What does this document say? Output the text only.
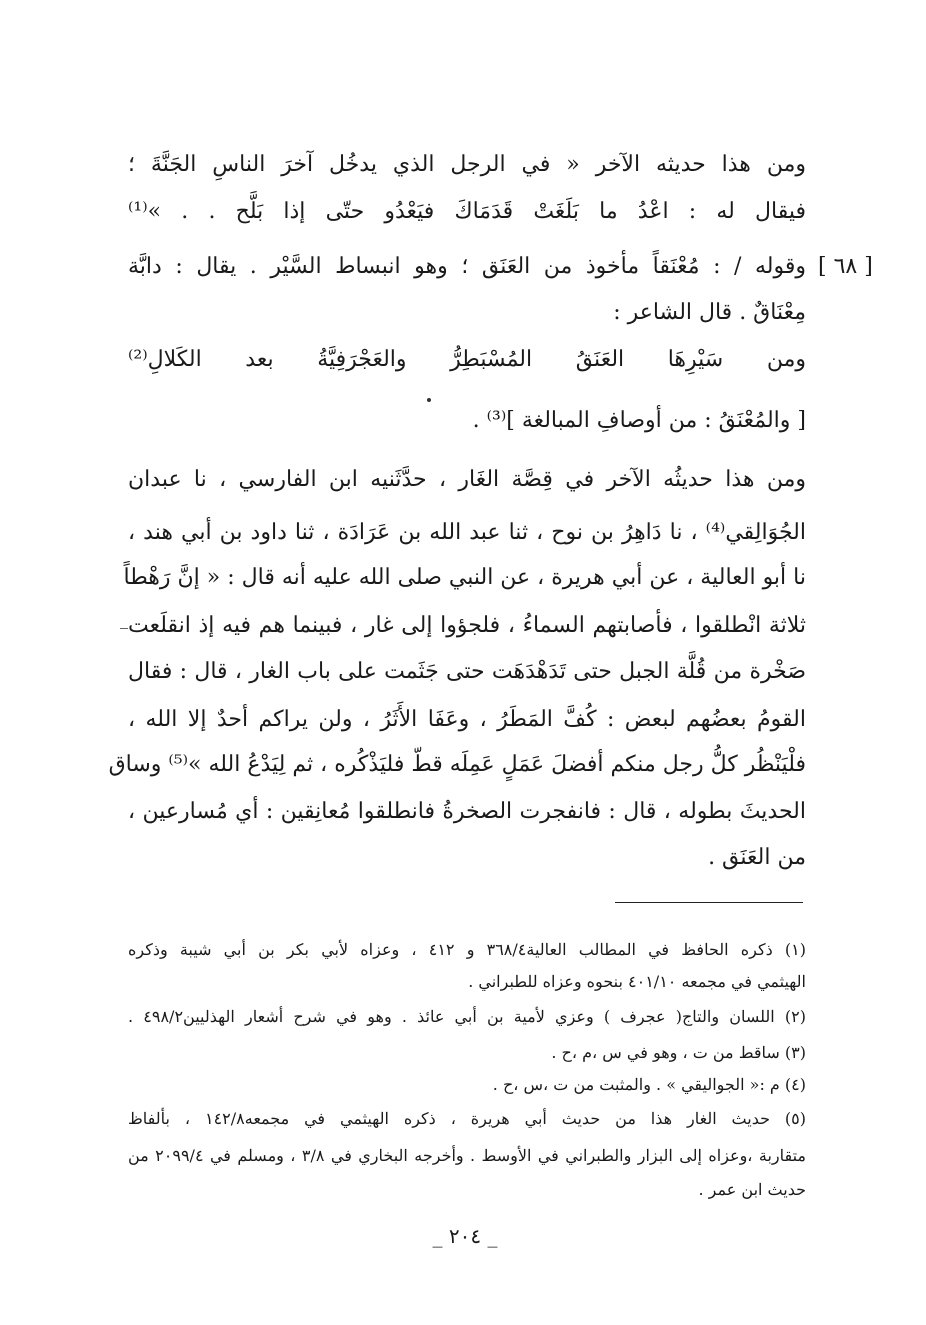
[ ٦٨ ]
ومن هذا حديثه الآخر « في الرجل الذي يدخُل آخرَ الناسِ الجَنَّةَ ؛
فيقال له : اعْدُ ما بَلَغَتْ قَدَمَاكَ فيَعْدُو حتّى إذا بَلَّح . . »⁽¹⁾
وقوله / : مُعْنَقاً مأخوذ من العَنَق ؛ وهو انبساط السَّيْر . يقال : دابَّة
مِعْنَاقٌ . قال الشاعر :
ومن سَيْرِهَا العَنَقُ المُسْبَطِرُّ والعَجْرَفِيَّةُ بعد الكَلالِ⁽²⁾
[ والمُعْنَقُ : من أوصافِ المبالغة ]⁽³⁾ .
ومن هذا حديثُه الآخر في قِصَّة الغَار ، حدَّثَنيه ابن الفارسي ، نا عبدان
الجُوَالِقي⁽⁴⁾ ، نا دَاهِرُ بن نوح ، ثنا عبد الله بن عَرَادَة ، ثنا داود بن أبي هند ،
نا أبو العالية ، عن أبي هريرة ، عن النبي صلى الله عليه أنه قال : « إنَّ رَهْطاً
ثلاثة انْطلقوا ، فأصابتهم السماءُ ، فلجؤوا إلى غار ، فبينما هم فيه إذ انقلَعت
صَخْرة من قُلَّة الجبل حتى تَدَهْدَهَت حتى جَثَمت على باب الغار ، قال : فقال
القومُ بعضُهم لبعض : كُفَّ المَطَرُ ، وعَفَا الأَثَرُ ، ولن يراكم أحدٌ إلا الله ،
فلْيَنْظُر كلُّ رجل منكم أفضلَ عَمَلٍ عَمِلَه قطّ فليَذْكُره ، ثم لِيَدْعُ الله »⁽⁵⁾ وساق
الحديثَ بطوله ، قال : فانفجرت الصخرةُ فانطلقوا مُعانِقين : أي مُسارعين ،
من العَنَق .
(١) ذكره الحافظ في المطالب العالية٣٦٨/٤ و ٤١٢ ، وعزاه لأبي بكر بن أبي شيبة وذكره
الهيثمي في مجمعه ٤٠١/١٠ بنحوه وعزاه للطبراني .
(٢) اللسان والتاج( عجرف ) وعزي لأمية بن أبي عائذ . وهو في شرح أشعار الهذليين٤٩٨/٢ .
(٣) ساقط من ت ، وهو في س ،م ،ح .
(٤) م :« الجواليقي » . والمثبت من ت ،س ،ح .
(٥) حديث الغار هذا من حديث أبي هريرة ، ذكره الهيثمي في مجمعه١٤٢/٨ ، بألفاظ
متقاربة ،وعزاه إلى البزار والطبراني في الأوسط . وأخرجه البخاري في ٣/٨ ، ومسلم في ٢٠٩٩/٤ من
حديث ابن عمر .
_ ٢٠٤ _
